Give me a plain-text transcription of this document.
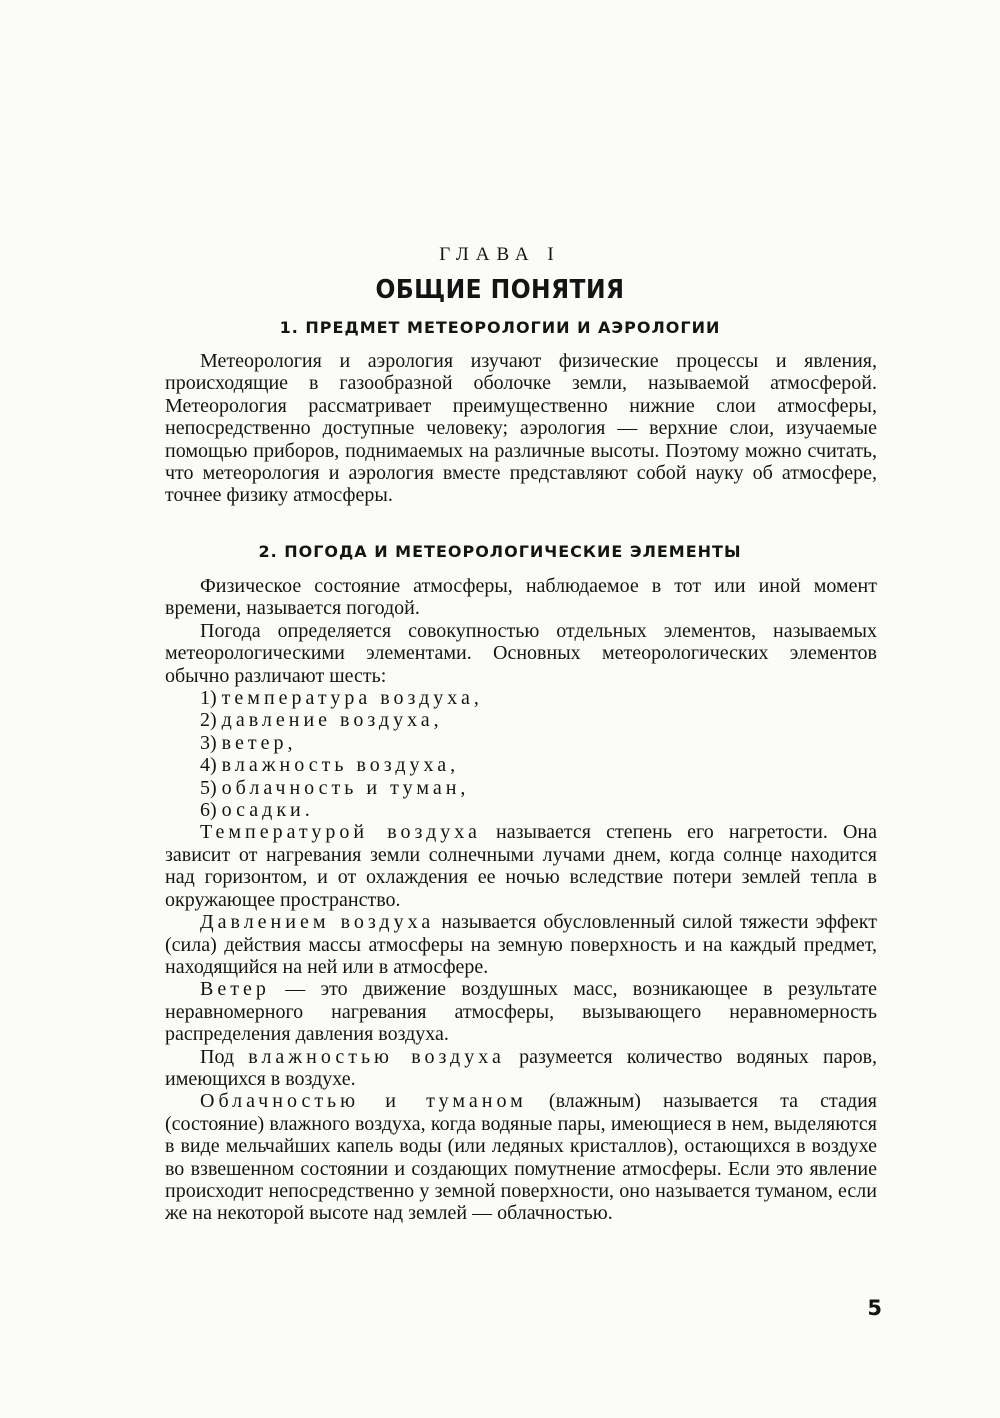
ГЛАВА I
ОБЩИЕ ПОНЯТИЯ
1. ПРЕДМЕТ МЕТЕОРОЛОГИИ И АЭРОЛОГИИ

Метеорология и аэрология изучают физические процессы и явления, происходящие в газообразной оболочке земли, называемой атмосферой. Метеорология рассматривает преимущественно нижние слои атмосферы, непосредственно доступные человеку; аэрология — верхние слои, изучаемые помощью приборов, поднимаемых на различные высоты. Поэтому можно считать, что метеорология и аэрология вместе представляют собой науку об атмосфере, точнее физику атмосферы.

2. ПОГОДА И МЕТЕОРОЛОГИЧЕСКИЕ ЭЛЕМЕНТЫ

Физическое состояние атмосферы, наблюдаемое в тот или иной момент времени, называется погодой.

Погода определяется совокупностью отдельных элементов, называемых метеорологическими элементами. Основных метеорологических элементов обычно различают шесть:

1) температура воздуха,
2) давление воздуха,
3) ветер,
4) влажность воздуха,
5) облачность и туман,
6) осадки.

Температурой воздуха называется степень его нагретости. Она зависит от нагревания земли солнечными лучами днем, когда солнце находится над горизонтом, и от охлаждения ее ночью вследствие потери землей тепла в окружающее пространство.

Давлением воздуха называется обусловленный силой тяжести эффект (сила) действия массы атмосферы на земную поверхность и на каждый предмет, находящийся на ней или в атмосфере.

Ветер — это движение воздушных масс, возникающее в результате неравномерного нагревания атмосферы, вызывающего неравномерность распределения давления воздуха.

Под влажностью воздуха разумеется количество водяных паров, имеющихся в воздухе.

Облачностью и туманом (влажным) называется та стадия (состояние) влажного воздуха, когда водяные пары, имеющиеся в нем, выделяются в виде мельчайших капель воды (или ледяных кристаллов), остающихся в воздухе во взвешенном состоянии и создающих помутнение атмосферы. Если это явление происходит непосредственно у земной поверхности, оно называется туманом, если же на некоторой высоте над землей — облачностью.

5
